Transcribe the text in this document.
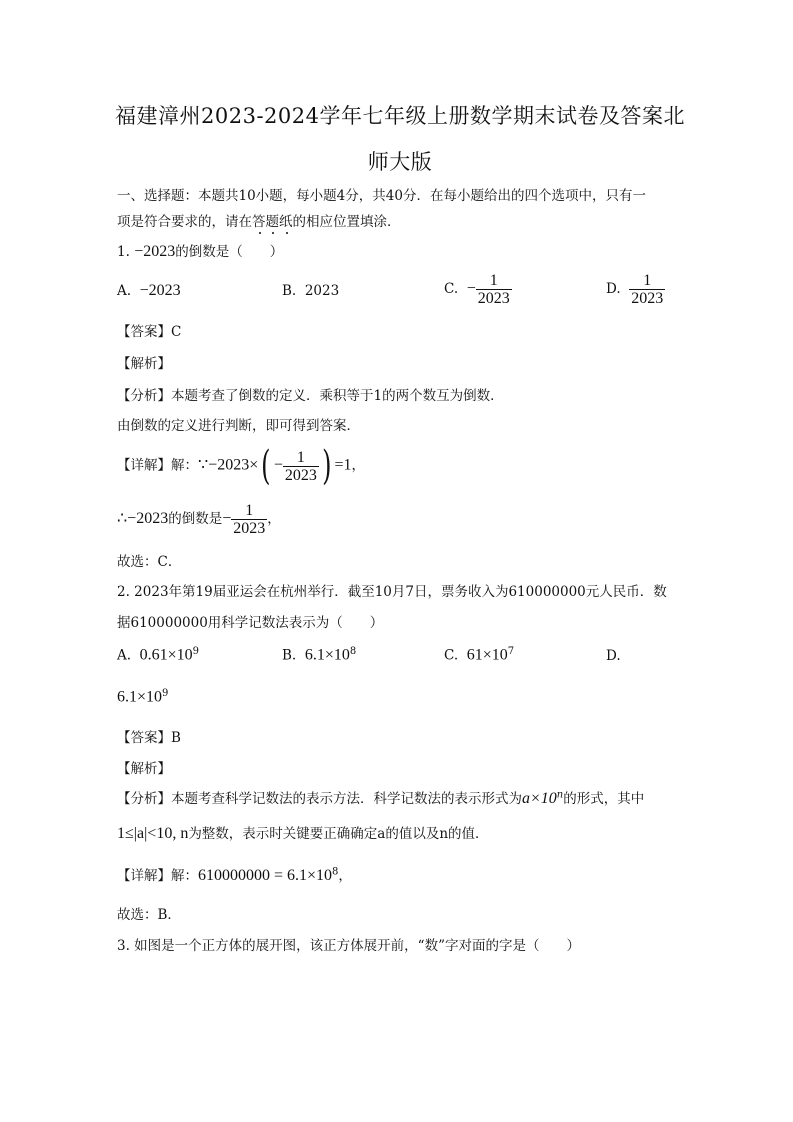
福建漳州2023-2024学年七年级上册数学期末试卷及答案北
师大版
一、选择题：本题共10小题，每小题4分，共40分．在每小题给出的四个选项中，只有一
项是符合要求的，请在答题纸的相应位置填涂．
1. −2023的倒数是（　　）
A. −2023	B. 2023	C. − $\frac{1}{2023}$	D. $\frac{1}{2023}$
【答案】C
【解析】
【分析】本题考查了倒数的定义．乘积等于1的两个数互为倒数．
由倒数的定义进行判断，即可得到答案．
【详解】解：∵−2023×( − $\frac{1}{2023}$ ) =1，
∴−2023的倒数是− $\frac{1}{2023}$ ，
故选：C．
2. 2023年第19届亚运会在杭州举行．截至10月7日，票务收入为610000000元人民币．数
据610000000用科学记数法表示为（　　）
A. $0.61\times 10^9$	B. $6.1\times 10^8$	C. $61\times 10^7$	D.
$6.1\times 10^9$
【答案】B
【解析】
【分析】本题考查科学记数法的表示方法．科学记数法的表示形式为$a\times 10^n$的形式，其中
1≤|a|<10, n为整数，表示时关键要正确确定a的值以及n的值．
【详解】解：$610000000 = 6.1\times 10^8$，
故选：B．
3. 如图是一个正方体的展开图，该正方体展开前，“数”字对面的字是（　　）
